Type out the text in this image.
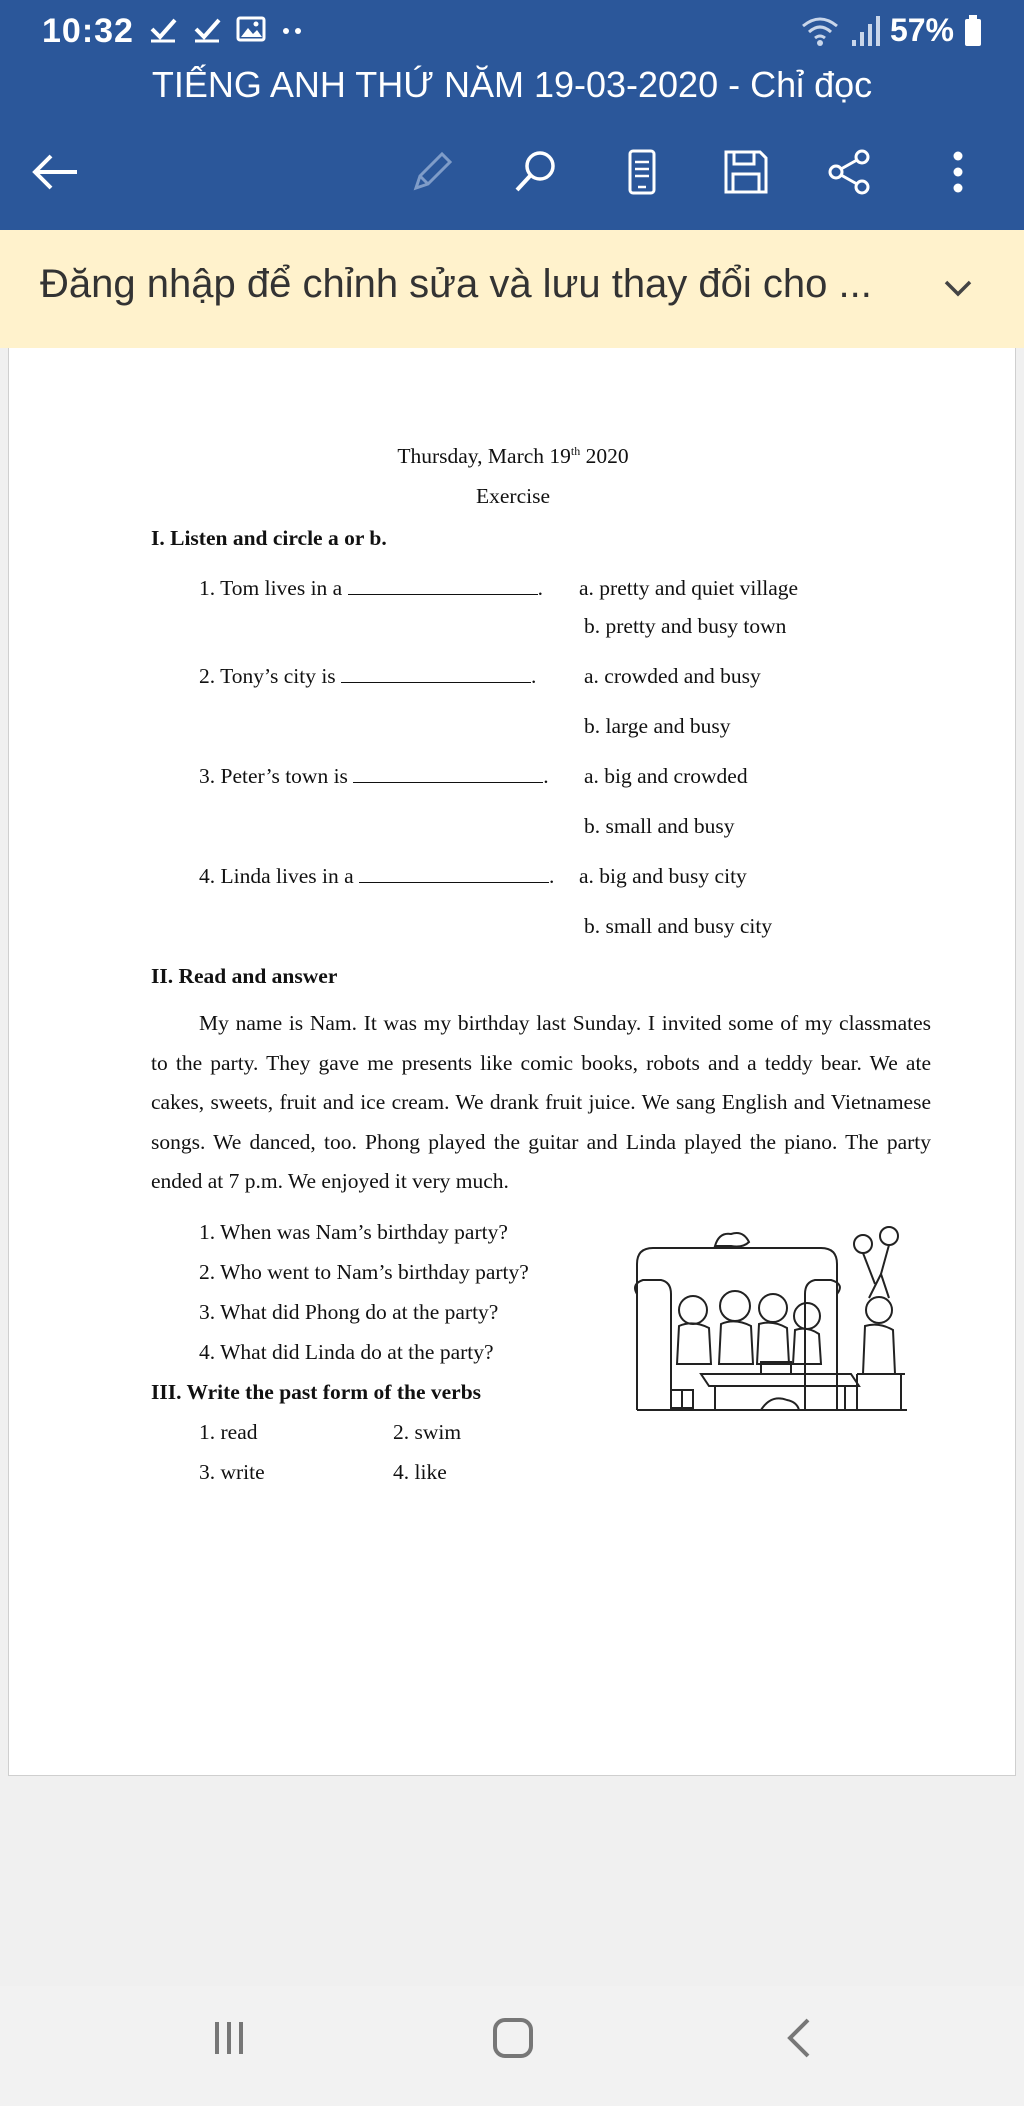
10:32	57%
TIẾNG ANH THỨ NĂM 19-03-2020 - Chỉ đọc
Đăng nhập để chỉnh sửa và lưu thay đổi cho ...
Thursday, March 19th 2020
Exercise
I. Listen and circle a or b.
1. Tom lives in a	. a. pretty and quiet village
b. pretty and busy town
2. Tony’s city is	. a. crowded and busy
b. large and busy
3. Peter’s town is	. a. big and crowded
b. small and busy
4. Linda lives in a	. a. big and busy city
b. small and busy city
II. Read and answer
My name is Nam. It was my birthday last Sunday. I invited some of my classmates to the party. They gave me presents like comic books, robots and a teddy bear. We ate cakes, sweets, fruit and ice cream. We drank fruit juice. We sang English and Vietnamese songs. We danced, too. Phong played the guitar and Linda played the piano. The party ended at 7 p.m. We enjoyed it very much.
1. When was Nam’s birthday party?
2. Who went to Nam’s birthday party?
3. What did Phong do at the party?
4. What did Linda do at the party?
III. Write the past form of the verbs
1. read	2. swim
3. write	4. like
